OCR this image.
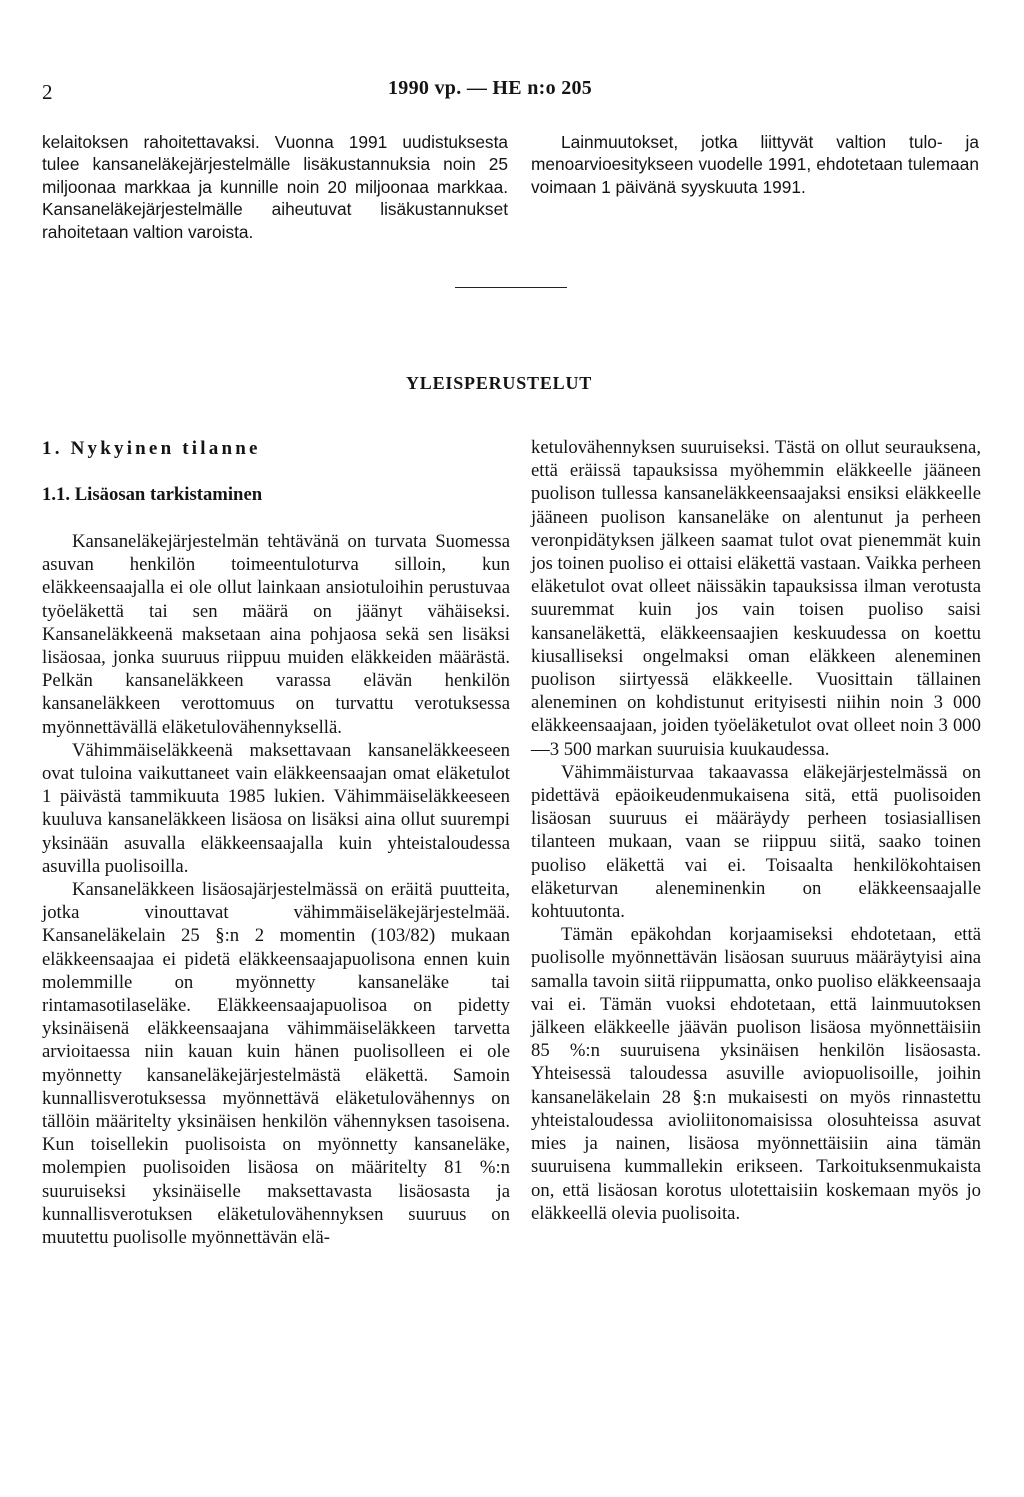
2	1990 vp. — HE n:o 205

kelaitoksen rahoitettavaksi. Vuonna 1991 uudistuksesta tulee kansaneläkejärjestelmälle lisäkustannuksia noin 25 miljoonaa markkaa ja kunnille noin 20 miljoonaa markkaa. Kansaneläkejärjestelmälle aiheutuvat lisäkustannukset rahoitetaan valtion varoista.

Lainmuutokset, jotka liittyvät valtion tulo- ja menoarvioesitykseen vuodelle 1991, ehdotetaan tulemaan voimaan 1 päivänä syyskuuta 1991.

YLEISPERUSTELUT
1. Nykyinen tilanne
1.1. Lisäosan tarkistaminen

Kansaneläkejärjestelmän tehtävänä on turvata Suomessa asuvan henkilön toimeentuloturva silloin, kun eläkkeensaajalla ei ole ollut lainkaan ansiotuloihin perustuvaa työeläkettä tai sen määrä on jäänyt vähäiseksi. Kansaneläkkeenä maksetaan aina pohjaosa sekä sen lisäksi lisäosaa, jonka suuruus riippuu muiden eläkkeiden määrästä. Pelkän kansaneläkkeen varassa elävän henkilön kansaneläkkeen verottomuus on turvattu verotuksessa myönnettävällä eläketulovähennyksellä.

Vähimmäiseläkkeenä maksettavaan kansaneläkkeeseen ovat tuloina vaikuttaneet vain eläkkeensaajan omat eläketulot 1 päivästä tammikuuta 1985 lukien. Vähimmäiseläkkeeseen kuuluva kansaneläkkeen lisäosa on lisäksi aina ollut suurempi yksinään asuvalla eläkkeensaajalla kuin yhteistaloudessa asuvilla puolisoilla.

Kansaneläkkeen lisäosajärjestelmässä on eräitä puutteita, jotka vinouttavat vähimmäiseläkejärjestelmää. Kansaneläkelain 25 §:n 2 momentin (103/82) mukaan eläkkeensaajaa ei pidetä eläkkeensaajapuolisona ennen kuin molemmille on myönnetty kansaneläke tai rintamasotilaseläke. Eläkkeensaajapuolisoa on pidetty yksinäisenä eläkkeensaajana vähimmäiseläkkeen tarvetta arvioitaessa niin kauan kuin hänen puolisolleen ei ole myönnetty kansaneläkejärjestelmästä eläkettä. Samoin kunnallisverotuksessa myönnettävä eläketulovähennys on tällöin määritelty yksinäisen henkilön vähennyksen tasoisena. Kun toisellekin puolisoista on myönnetty kansaneläke, molempien puolisoiden lisäosa on määritelty 81 %:n suuruiseksi yksinäiselle maksettavasta lisäosasta ja kunnallisverotuksen eläketulovähennyksen suuruus on muutettu puolisolle myönnettävän elä-

ketulovähennyksen suuruiseksi. Tästä on ollut seurauksena, että eräissä tapauksissa myöhemmin eläkkeelle jääneen puolison tullessa kansaneläkkeensaajaksi ensiksi eläkkeelle jääneen puolison kansaneläke on alentunut ja perheen veronpidätyksen jälkeen saamat tulot ovat pienemmät kuin jos toinen puoliso ei ottaisi eläkettä vastaan. Vaikka perheen eläketulot ovat olleet näissäkin tapauksissa ilman verotusta suuremmat kuin jos vain toisen puoliso saisi kansaneläkettä, eläkkeensaajien keskuudessa on koettu kiusalliseksi ongelmaksi oman eläkkeen aleneminen puolison siirtyessä eläkkeelle. Vuosittain tällainen aleneminen on kohdistunut erityisesti niihin noin 3 000 eläkkeensaajaan, joiden työeläketulot ovat olleet noin 3 000—3 500 markan suuruisia kuukaudessa.

Vähimmäisturvaa takaavassa eläkejärjestelmässä on pidettävä epäoikeudenmukaisena sitä, että puolisoiden lisäosan suuruus ei määräydy perheen tosiasiallisen tilanteen mukaan, vaan se riippuu siitä, saako toinen puoliso eläkettä vai ei. Toisaalta henkilökohtaisen eläketurvan aleneminenkin on eläkkeensaajalle kohtuutonta.

Tämän epäkohdan korjaamiseksi ehdotetaan, että puolisolle myönnettävän lisäosan suuruus määräytyisi aina samalla tavoin siitä riippumatta, onko puoliso eläkkeensaaja vai ei. Tämän vuoksi ehdotetaan, että lainmuutoksen jälkeen eläkkeelle jäävän puolison lisäosa myönnettäisiin 85 %:n suuruisena yksinäisen henkilön lisäosasta. Yhteisessä taloudessa asuville aviopuolisoille, joihin kansaneläkelain 28 §:n mukaisesti on myös rinnastettu yhteistaloudessa avioliitonomaisissa olosuhteissa asuvat mies ja nainen, lisäosa myönnettäisiin aina tämän suuruisena kummallekin erikseen. Tarkoituksenmukaista on, että lisäosan korotus ulotettaisiin koskemaan myös jo eläkkeellä olevia puolisoita.
